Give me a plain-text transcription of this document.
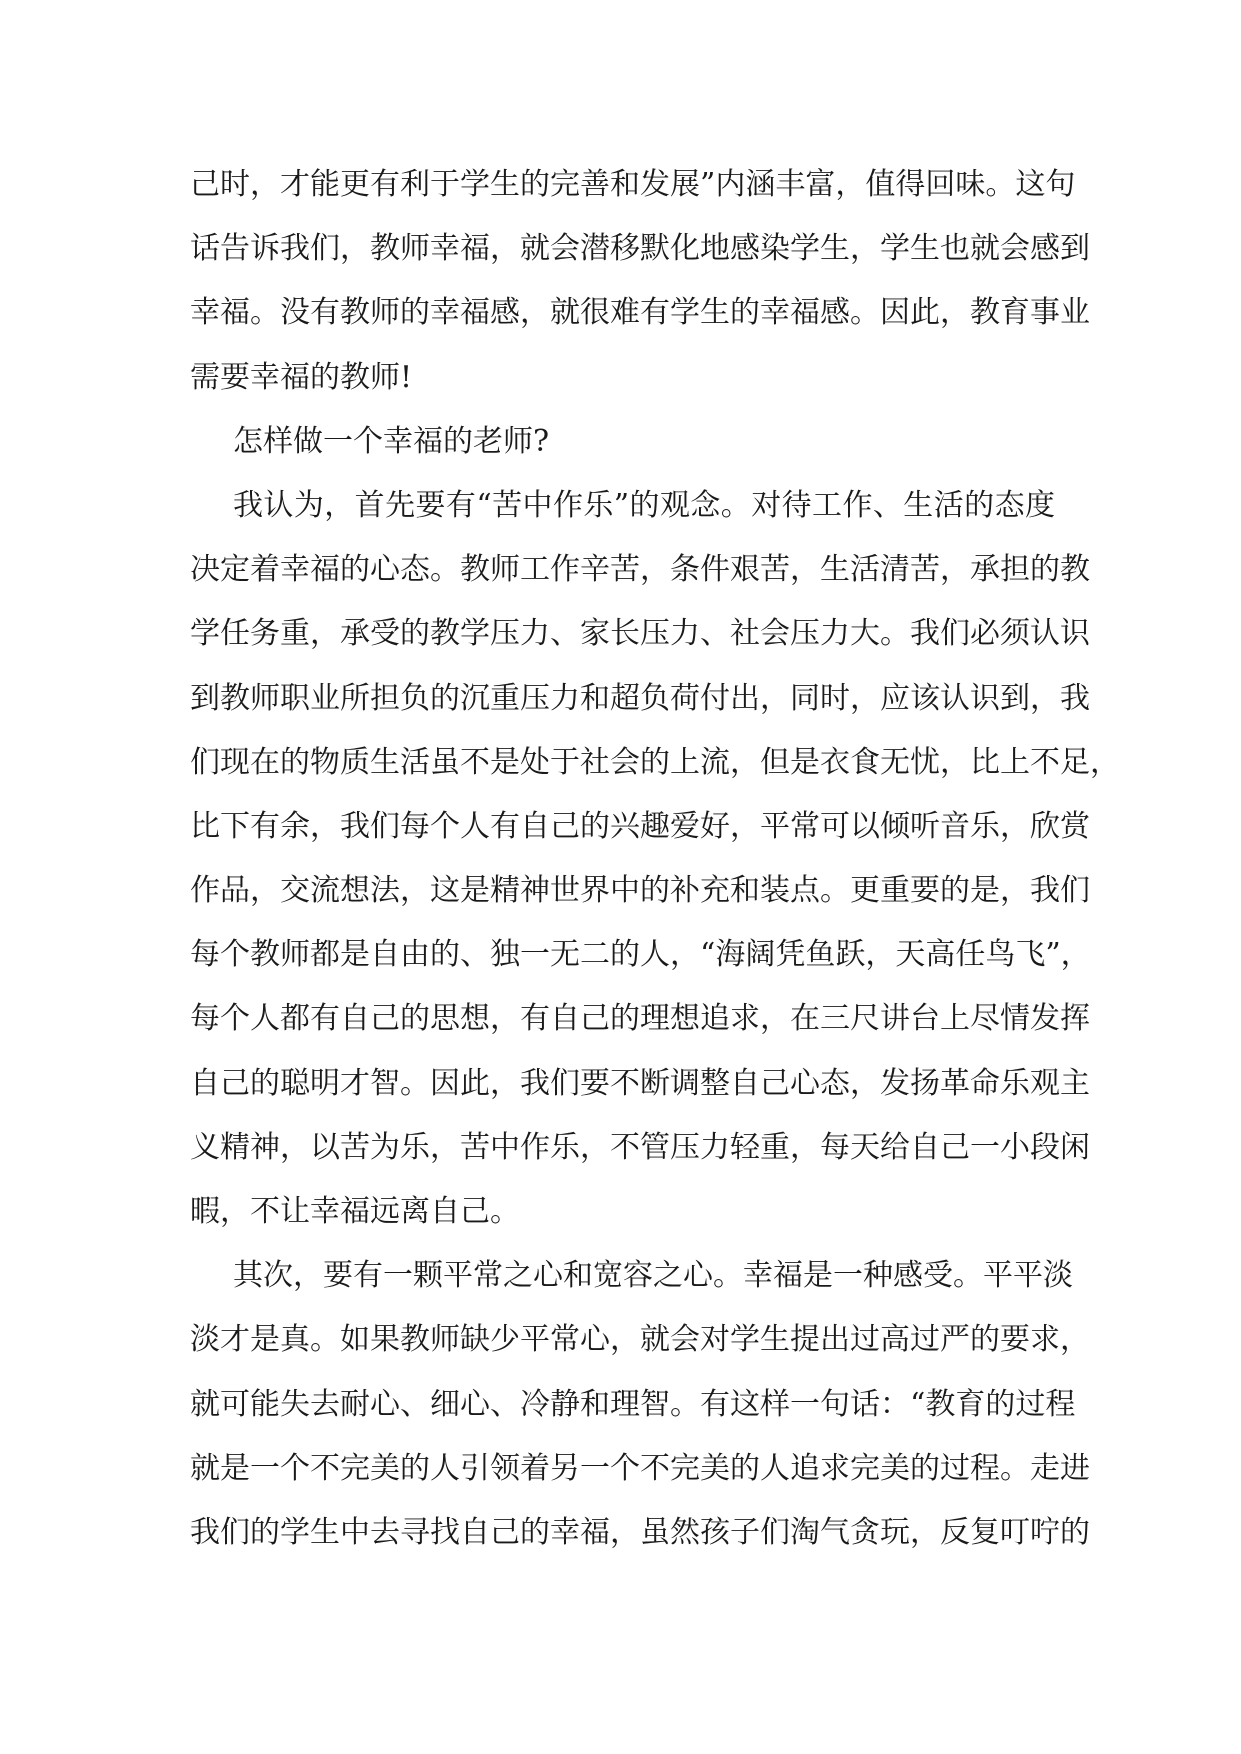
己时，才能更有利于学生的完善和发展”内涵丰富，值得回味。这句
话告诉我们，教师幸福，就会潜移默化地感染学生，学生也就会感到
幸福。没有教师的幸福感，就很难有学生的幸福感。因此，教育事业
需要幸福的教师!
怎样做一个幸福的老师?
我认为，首先要有“苦中作乐”的观念。对待工作、生活的态度
决定着幸福的心态。教师工作辛苦，条件艰苦，生活清苦，承担的教
学任务重，承受的教学压力、家长压力、社会压力大。我们必须认识
到教师职业所担负的沉重压力和超负荷付出，同时，应该认识到，我
们现在的物质生活虽不是处于社会的上流，但是衣食无忧，比上不足，
比下有余，我们每个人有自己的兴趣爱好，平常可以倾听音乐，欣赏
作品，交流想法，这是精神世界中的补充和装点。更重要的是，我们
每个教师都是自由的、独一无二的人，“海阔凭鱼跃，天高任鸟飞”，
每个人都有自己的思想，有自己的理想追求，在三尺讲台上尽情发挥
自己的聪明才智。因此，我们要不断调整自己心态，发扬革命乐观主
义精神，以苦为乐，苦中作乐，不管压力轻重，每天给自己一小段闲
暇，不让幸福远离自己。
其次，要有一颗平常之心和宽容之心。幸福是一种感受。平平淡
淡才是真。如果教师缺少平常心，就会对学生提出过高过严的要求，
就可能失去耐心、细心、冷静和理智。有这样一句话：“教育的过程
就是一个不完美的人引领着另一个不完美的人追求完美的过程。走进
我们的学生中去寻找自己的幸福，虽然孩子们淘气贪玩，反复叮咛的
